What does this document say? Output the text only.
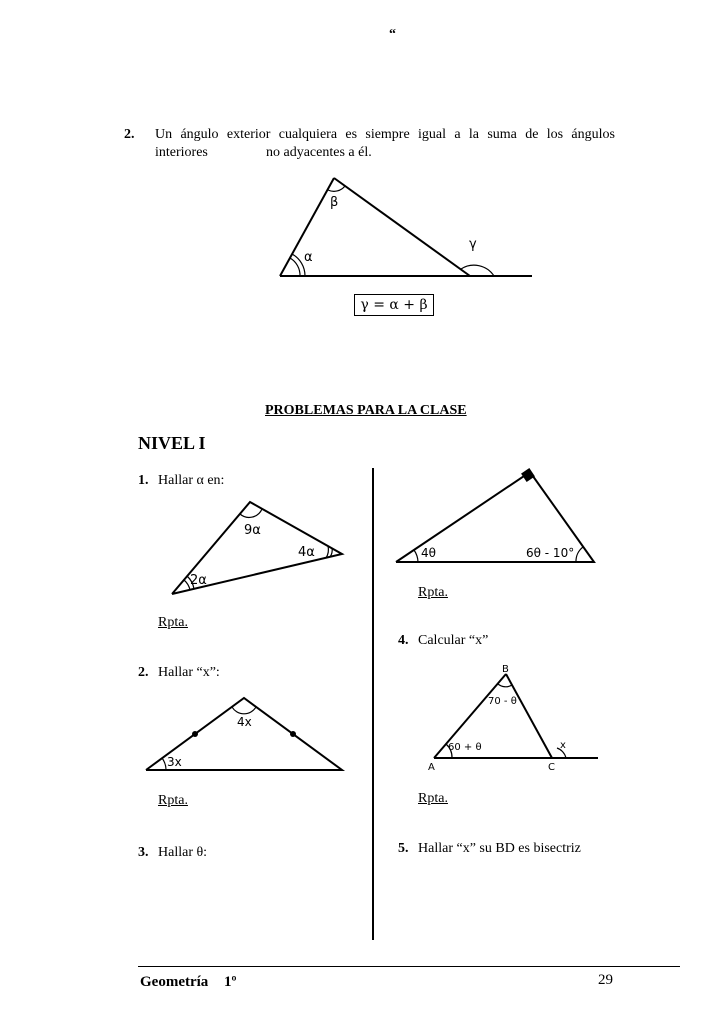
“
2. Un ángulo exterior cualquiera es siempre igual a la suma de los ángulos
interiores	no adyacentes a él.
β
α
γ
γ = α + β
PROBLEMAS PARA LA CLASE
NIVEL I
1. Hallar α en:
9α
4α
2α
Rpta.
2. Hallar “x”:
4x
3x
Rpta.
3. Hallar θ:
4θ	6θ - 10°
Rpta.
4. Calcular “x”
B
70 - θ
A
60 + θ
C
x
Rpta.
5. Hallar “x” su BD es bisectriz
Geometría 1º	29
